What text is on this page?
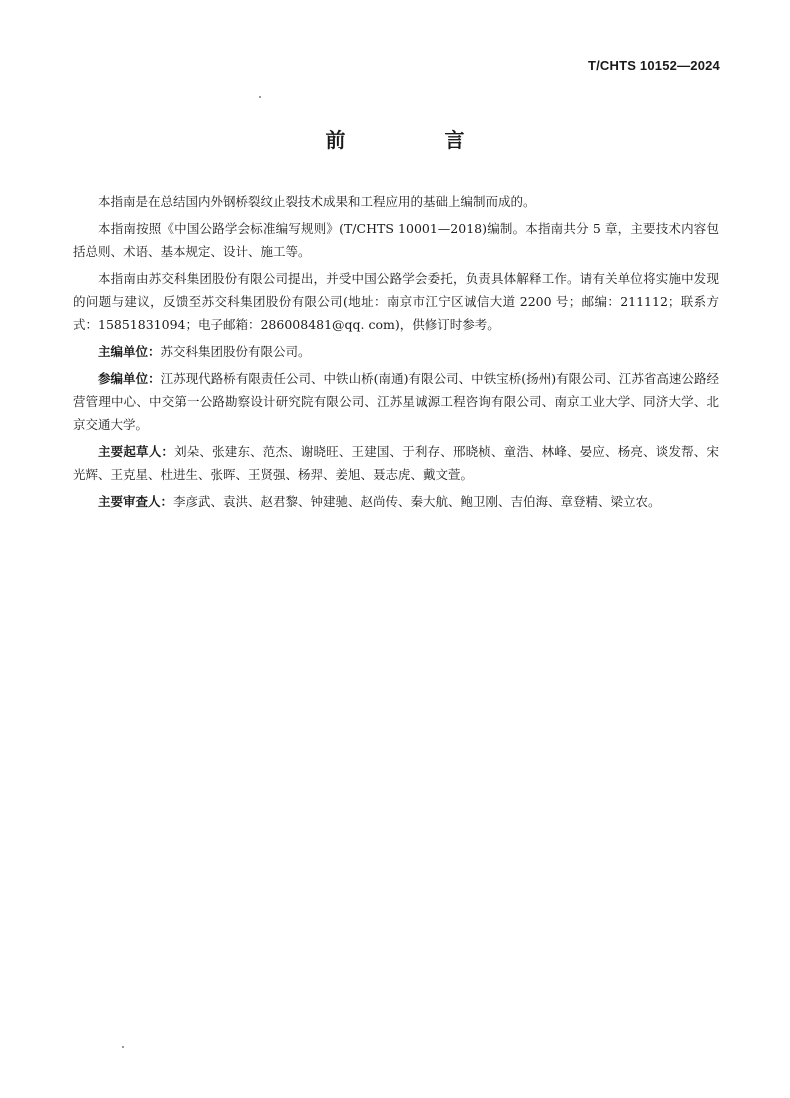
T/CHTS 10152—2024
前 言

本指南是在总结国内外钢桥裂纹止裂技术成果和工程应用的基础上编制而成的。

本指南按照《中国公路学会标准编写规则》(T/CHTS 10001—2018)编制。本指南共分 5 章，主要技术内容包括总则、术语、基本规定、设计、施工等。

本指南由苏交科集团股份有限公司提出，并受中国公路学会委托，负责具体解释工作。请有关单位将实施中发现的问题与建议，反馈至苏交科集团股份有限公司(地址：南京市江宁区诚信大道 2200 号；邮编：211112；联系方式：15851831094；电子邮箱：286008481@qq. com)，供修订时参考。

主编单位：苏交科集团股份有限公司。

参编单位：江苏现代路桥有限责任公司、中铁山桥(南通)有限公司、中铁宝桥(扬州)有限公司、江苏省高速公路经营管理中心、中交第一公路勘察设计研究院有限公司、江苏星诚源工程咨询有限公司、南京工业大学、同济大学、北京交通大学。

主要起草人：刘朵、张建东、范杰、谢晓旺、王建国、于利存、邢晓桢、童浩、林峰、晏应、杨亮、谈发帮、宋光辉、王克星、杜进生、张晖、王贤强、杨羿、姜旭、聂志虎、戴文萱。

主要审查人：李彦武、袁洪、赵君黎、钟建驰、赵尚传、秦大航、鲍卫刚、吉伯海、章登精、梁立农。
